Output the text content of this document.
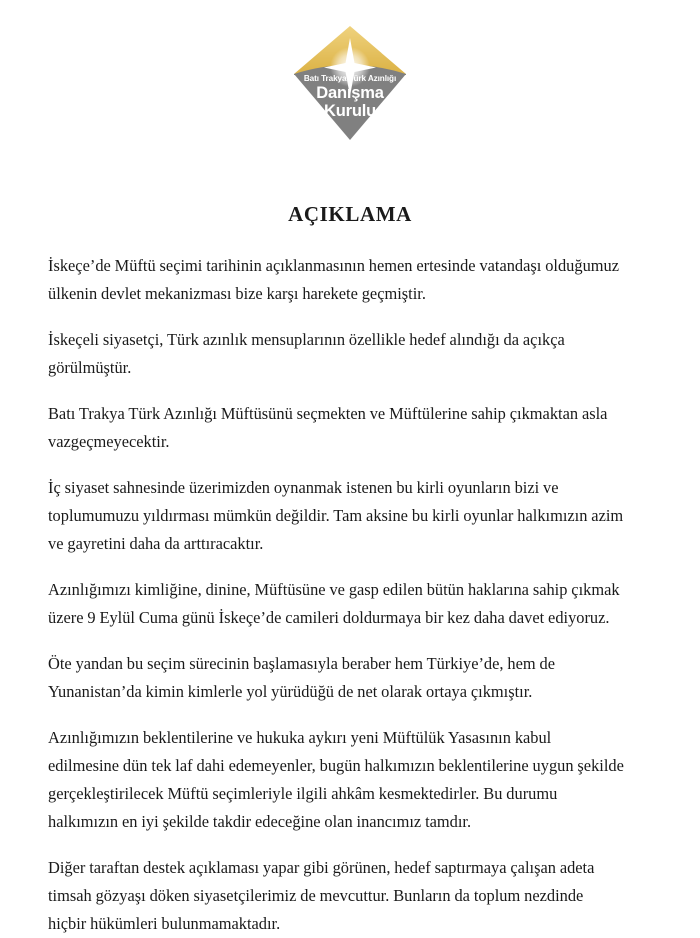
Batı Trakya Türk Azınlığı
Danışma
Kurulu
AÇIKLAMA

İskeçe’de Müftü seçimi tarihinin açıklanmasının hemen ertesinde vatandaşı olduğumuz ülkenin devlet mekanizması bize karşı harekete geçmiştir.

İskeçeli siyasetçi, Türk azınlık mensuplarının özellikle hedef alındığı da açıkça görülmüştür.

Batı Trakya Türk Azınlığı Müftüsünü seçmekten ve Müftülerine sahip çıkmaktan asla vazgeçmeyecektir.

İç siyaset sahnesinde üzerimizden oynanmak istenen bu kirli oyunların bizi ve toplumumuzu yıldırması mümkün değildir. Tam aksine bu kirli oyunlar halkımızın azim ve gayretini daha da arttıracaktır.

Azınlığımızı kimliğine, dinine, Müftüsüne ve gasp edilen bütün haklarına sahip çıkmak üzere 9 Eylül Cuma günü İskeçe’de camileri doldurmaya bir kez daha davet ediyoruz.

Öte yandan bu seçim sürecinin başlamasıyla beraber hem Türkiye’de, hem de Yunanistan’da kimin kimlerle yol yürüdüğü de net olarak ortaya çıkmıştır.

Azınlığımızın beklentilerine ve hukuka aykırı yeni Müftülük Yasasının kabul edilmesine dün tek laf dahi edemeyenler, bugün halkımızın beklentilerine uygun şekilde gerçekleştirilecek Müftü seçimleriyle ilgili ahkâm kesmektedirler. Bu durumu halkımızın en iyi şekilde takdir edeceğine olan inancımız tamdır.

Diğer taraftan destek açıklaması yapar gibi görünen, hedef saptırmaya çalışan adeta timsah gözyaşı döken siyasetçilerimiz de mevcuttur. Bunların da toplum nezdinde hiçbir hükümleri bulunmamaktadır.
